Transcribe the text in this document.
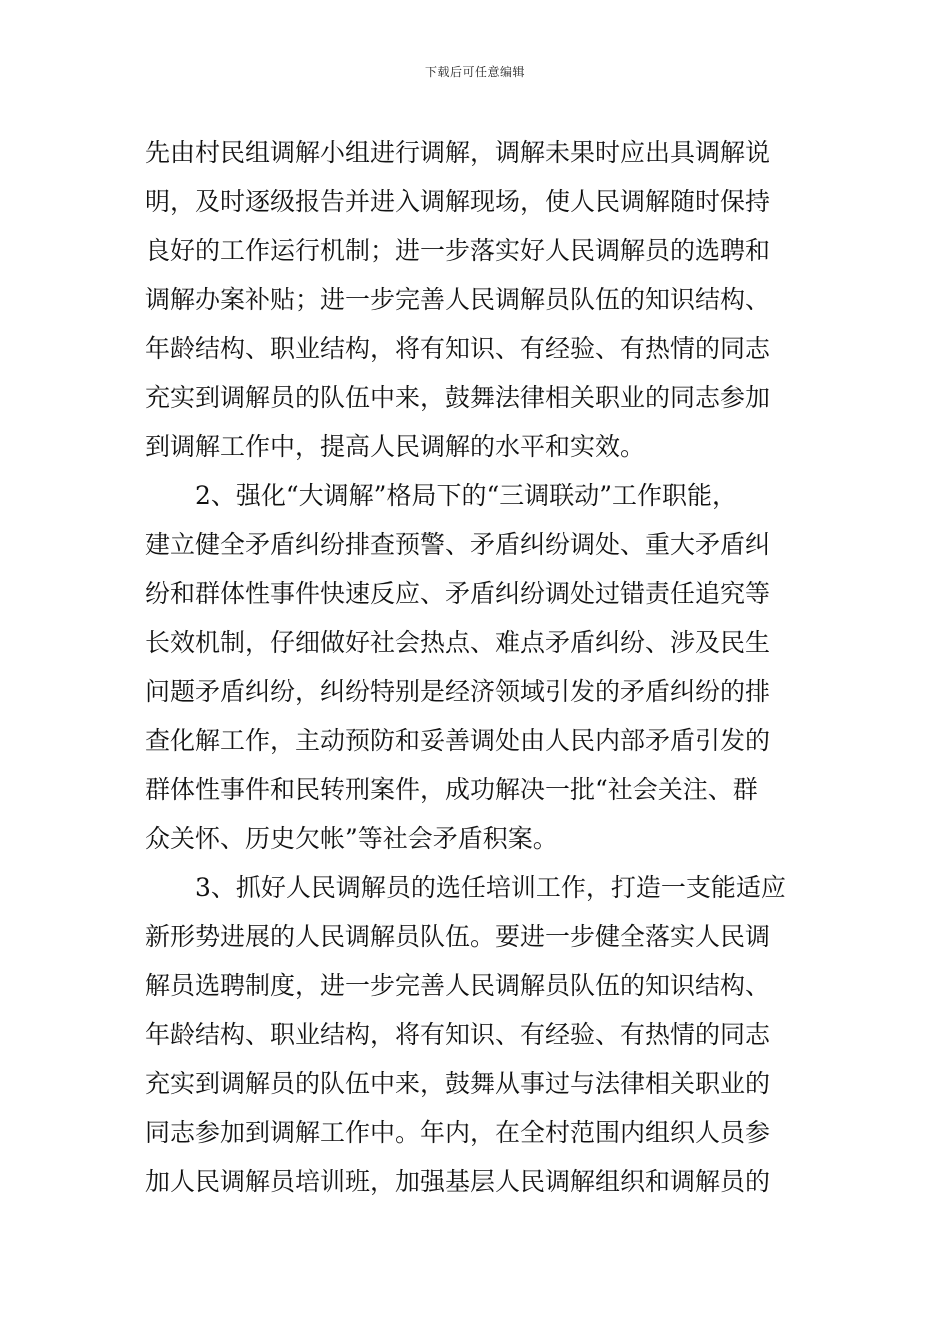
下载后可任意编辑
先由村民组调解小组进行调解，调解未果时应出具调解说
明，及时逐级报告并进入调解现场，使人民调解随时保持
良好的工作运行机制；进一步落实好人民调解员的选聘和
调解办案补贴；进一步完善人民调解员队伍的知识结构、
年龄结构、职业结构，将有知识、有经验、有热情的同志
充实到调解员的队伍中来，鼓舞法律相关职业的同志参加
到调解工作中，提高人民调解的水平和实效。
2、强化“大调解”格局下的“三调联动”工作职能，
建立健全矛盾纠纷排查预警、矛盾纠纷调处、重大矛盾纠
纷和群体性事件快速反应、矛盾纠纷调处过错责任追究等
长效机制，仔细做好社会热点、难点矛盾纠纷、涉及民生
问题矛盾纠纷，纠纷特别是经济领域引发的矛盾纠纷的排
查化解工作，主动预防和妥善调处由人民内部矛盾引发的
群体性事件和民转刑案件，成功解决一批“社会关注、群
众关怀、历史欠帐”等社会矛盾积案。
3、抓好人民调解员的选任培训工作，打造一支能适应
新形势进展的人民调解员队伍。要进一步健全落实人民调
解员选聘制度，进一步完善人民调解员队伍的知识结构、
年龄结构、职业结构，将有知识、有经验、有热情的同志
充实到调解员的队伍中来，鼓舞从事过与法律相关职业的
同志参加到调解工作中。年内，在全村范围内组织人员参
加人民调解员培训班，加强基层人民调解组织和调解员的
